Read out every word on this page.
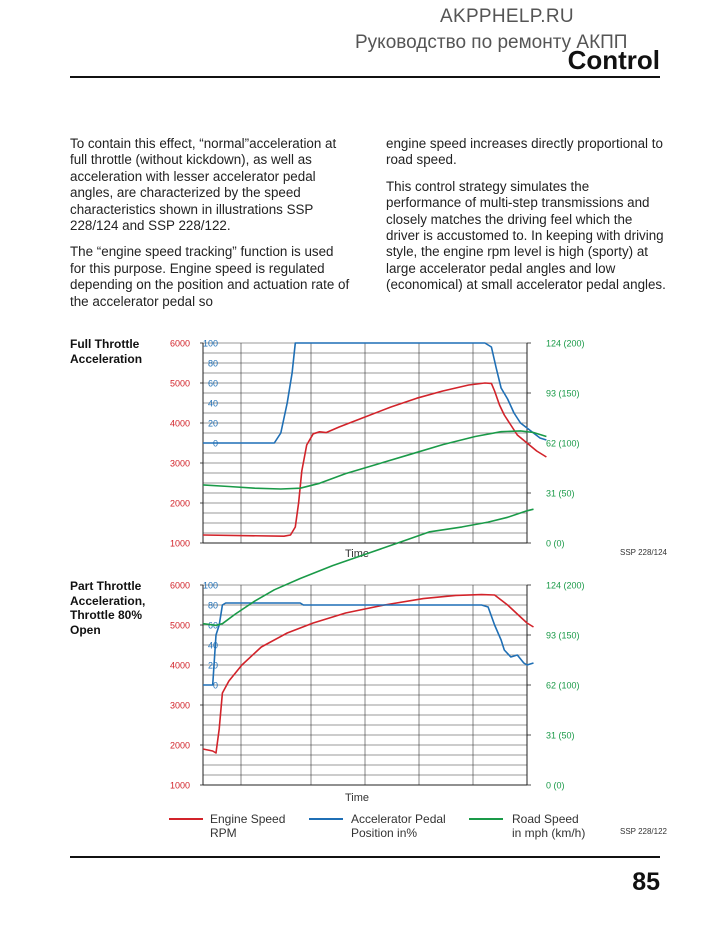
AKPPHELP.RU
Руководство по ремонту АКПП
Control

To contain this effect, “normal”acceleration at full throttle (without kickdown), as well as acceleration with lesser accelerator pedal angles, are characterized by the speed characteristics shown in illustrations SSP 228/124 and SSP 228/122.

The “engine speed tracking” function is used for this purpose. Engine speed is regulated depending on the position and actuation rate of the accelerator pedal so

engine speed increases directly proportional to road speed.

This control strategy simulates the performance of multi-step transmissions and closely matches the driving feel which the driver is accustomed to. In keeping with driving style, the engine rpm level is high (sporty) at large accelerator pedal angles and low (economical) at small accelerator pedal angles.

Full Throttle Acceleration
Part Throttle Acceleration, Throttle 80% Open
6000
5000
4000
3000
2000
1000
100
80
60
40
20
0
124 (200)
93 (150)
62 (100)
31 (50)
0 (0)
Time
6000
5000
4000
3000
2000
1000
100
80
60
40
20
0
124 (200)
93 (150)
62 (100)
31 (50)
0 (0)
Time
SSP 228/124
SSP 228/122
Engine Speed
RPM
Accelerator Pedal
Position in%
Road Speed
in mph (km/h)
85
